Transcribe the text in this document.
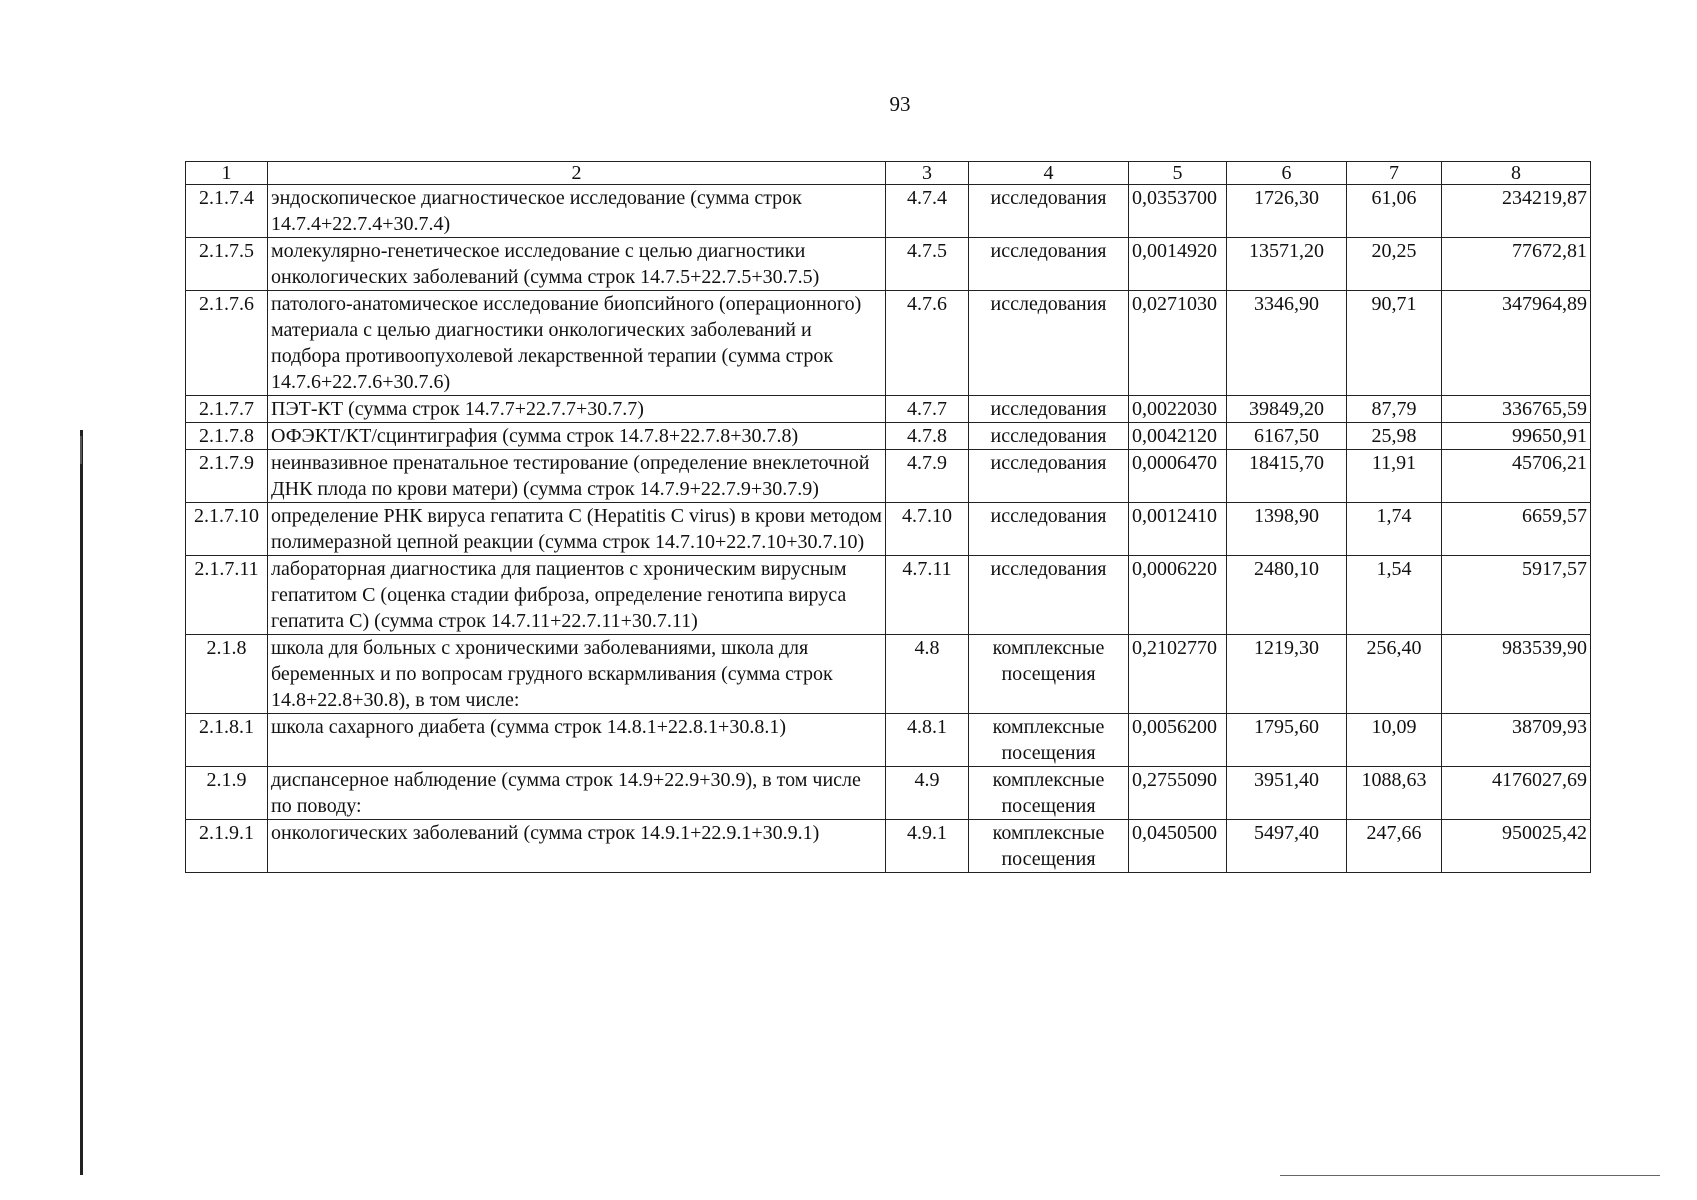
93
1	2	3	4	5	6	7	8
2.1.7.4	эндоскопическое диагностическое исследование (сумма строк 14.7.4+22.7.4+30.7.4)	4.7.4	исследования	0,0353700	1726,30	61,06	234219,87
2.1.7.5	молекулярно-генетическое исследование с целью диагностики онкологических заболеваний (сумма строк 14.7.5+22.7.5+30.7.5)	4.7.5	исследования	0,0014920	13571,20	20,25	77672,81
2.1.7.6	патолого-анатомическое исследование биопсийного (операционного) материала с целью диагностики онкологических заболеваний и подбора противоопухолевой лекарственной терапии (сумма строк 14.7.6+22.7.6+30.7.6)	4.7.6	исследования	0,0271030	3346,90	90,71	347964,89
2.1.7.7	ПЭТ-КТ (сумма строк 14.7.7+22.7.7+30.7.7)	4.7.7	исследования	0,0022030	39849,20	87,79	336765,59
2.1.7.8	ОФЭКТ/КТ/сцинтиграфия (сумма строк 14.7.8+22.7.8+30.7.8)	4.7.8	исследования	0,0042120	6167,50	25,98	99650,91
2.1.7.9	неинвазивное пренатальное тестирование (определение внеклеточной ДНК плода по крови матери) (сумма строк 14.7.9+22.7.9+30.7.9)	4.7.9	исследования	0,0006470	18415,70	11,91	45706,21
2.1.7.10	определение РНК вируса гепатита С (Hepatitis C virus) в крови методом полимеразной цепной реакции (сумма строк 14.7.10+22.7.10+30.7.10)	4.7.10	исследования	0,0012410	1398,90	1,74	6659,57
2.1.7.11	лабораторная диагностика для пациентов с хроническим вирусным гепатитом С (оценка стадии фиброза, определение генотипа вируса гепатита С) (сумма строк 14.7.11+22.7.11+30.7.11)	4.7.11	исследования	0,0006220	2480,10	1,54	5917,57
2.1.8	школа для больных с хроническими заболеваниями, школа для беременных и по вопросам грудного вскармливания (сумма строк 14.8+22.8+30.8), в том числе:	4.8	комплексные посещения	0,2102770	1219,30	256,40	983539,90
2.1.8.1	школа сахарного диабета (сумма строк 14.8.1+22.8.1+30.8.1)	4.8.1	комплексные посещения	0,0056200	1795,60	10,09	38709,93
2.1.9	диспансерное наблюдение (сумма строк 14.9+22.9+30.9), в том числе по поводу:	4.9	комплексные посещения	0,2755090	3951,40	1088,63	4176027,69
2.1.9.1	онкологических заболеваний (сумма строк 14.9.1+22.9.1+30.9.1)	4.9.1	комплексные посещения	0,0450500	5497,40	247,66	950025,42
